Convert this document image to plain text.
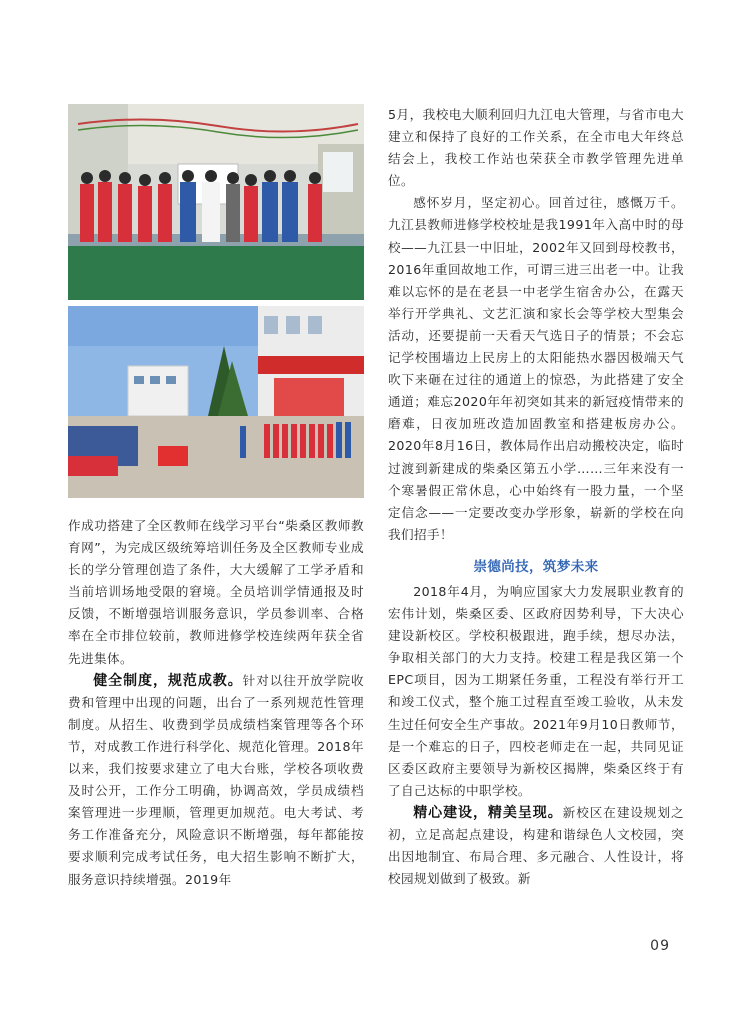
作成功搭建了全区教师在线学习平台“柴桑区教师教育网”，为完成区级统筹培训任务及全区教师专业成长的学分管理创造了条件，大大缓解了工学矛盾和当前培训场地受限的窘境。全员培训学情通报及时反馈，不断增强培训服务意识，学员参训率、合格率在全市排位较前，教师进修学校连续两年获全省先进集体。

健全制度，规范成教。针对以往开放学院收费和管理中出现的问题，出台了一系列规范性管理制度。从招生、收费到学员成绩档案管理等各个环节，对成教工作进行科学化、规范化管理。2018年以来，我们按要求建立了电大台账，学校各项收费及时公开，工作分工明确，协调高效，学员成绩档案管理进一步理顺，管理更加规范。电大考试、考务工作准备充分，风险意识不断增强，每年都能按要求顺利完成考试任务，电大招生影响不断扩大，服务意识持续增强。2019年

5月，我校电大顺利回归九江电大管理，与省市电大建立和保持了良好的工作关系，在全市电大年终总结会上，我校工作站也荣获全市教学管理先进单位。

感怀岁月，坚定初心。回首过往，感慨万千。九江县教师进修学校校址是我1991年入高中时的母校——九江县一中旧址，2002年又回到母校教书，2016年重回故地工作，可谓三进三出老一中。让我难以忘怀的是在老县一中老学生宿舍办公，在露天举行开学典礼、文艺汇演和家长会等学校大型集会活动，还要提前一天看天气选日子的情景；不会忘记学校围墙边上民房上的太阳能热水器因极端天气吹下来砸在过往的通道上的惊恐，为此搭建了安全通道；难忘2020年年初突如其来的新冠疫情带来的磨难，日夜加班改造加固教室和搭建板房办公。2020年8月16日，教体局作出启动搬校决定，临时过渡到新建成的柴桑区第五小学……三年来没有一个寒暑假正常休息，心中始终有一股力量，一个坚定信念——一定要改变办学形象，崭新的学校在向我们招手！

崇德尚技，筑梦未来

2018年4月，为响应国家大力发展职业教育的宏伟计划，柴桑区委、区政府因势利导，下大决心建设新校区。学校积极跟进，跑手续，想尽办法，争取相关部门的大力支持。校建工程是我区第一个EPC项目，因为工期紧任务重，工程没有举行开工和竣工仪式，整个施工过程直至竣工验收，从未发生过任何安全生产事故。2021年9月10日教师节，是一个难忘的日子，四校老师走在一起，共同见证区委区政府主要领导为新校区揭牌，柴桑区终于有了自己达标的中职学校。

精心建设，精美呈现。新校区在建设规划之初，立足高起点建设，构建和谐绿色人文校园，突出因地制宜、布局合理、多元融合、人性设计，将校园规划做到了极致。新

09
